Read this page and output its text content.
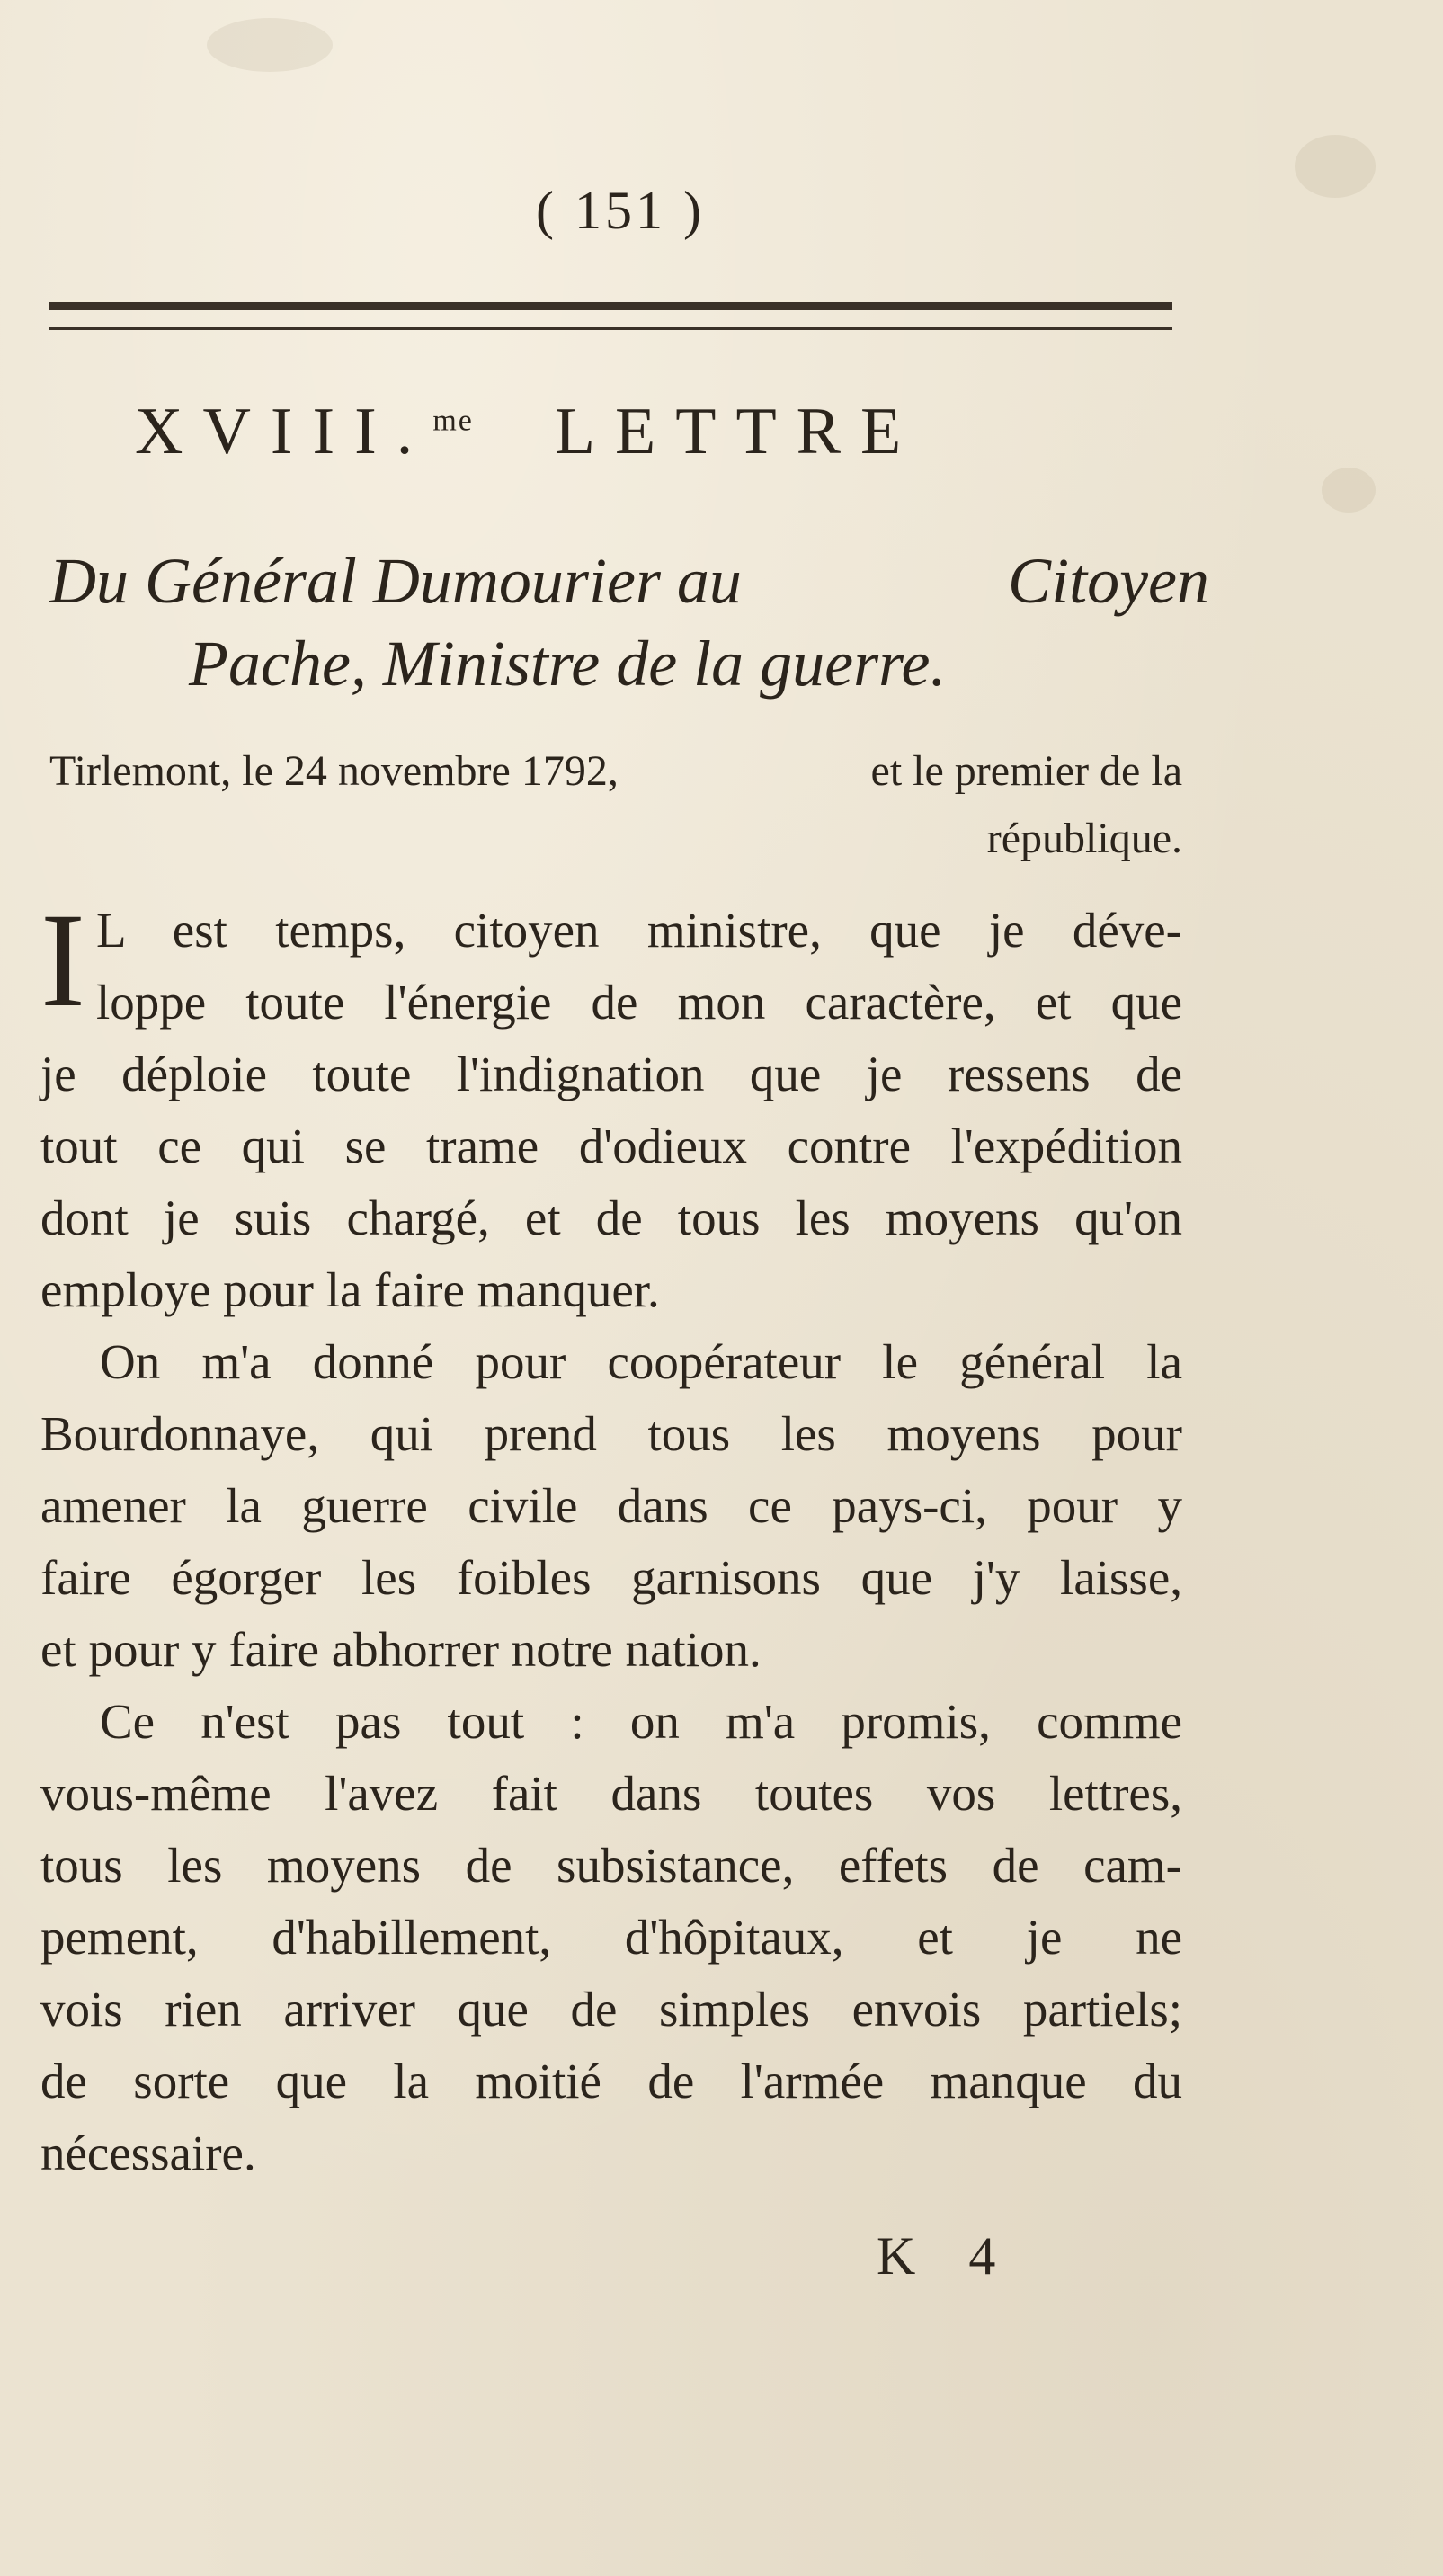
( 151 )
XVIII.$^{me}$ LETTRE
Du Général Dumourier au	Citoyen
Pache, Ministre de la guerre.
Tirlemont, le 24 novembre 1792,	et le premier de la
république.
I L est temps, citoyen ministre, que je déve-
loppe toute l'énergie de mon caractère, et que
je déploie toute l'indignation que je ressens de
tout ce qui se trame d'odieux contre l'expédition
dont je suis chargé, et de tous les moyens qu'on
employe pour la faire manquer.
On m'a donné pour coopérateur le général la
Bourdonnaye, qui prend tous les moyens pour
amener la guerre civile dans ce pays-ci, pour y
faire égorger les foibles garnisons que j'y laisse,
et pour y faire abhorrer notre nation.
Ce n'est pas tout : on m'a promis, comme
vous-même l'avez fait dans toutes vos lettres,
tous les moyens de subsistance, effets de cam-
pement, d'habillement, d'hôpitaux, et je ne
vois rien arriver que de simples envois partiels;
de sorte que la moitié de l'armée manque du
nécessaire.
K 4
